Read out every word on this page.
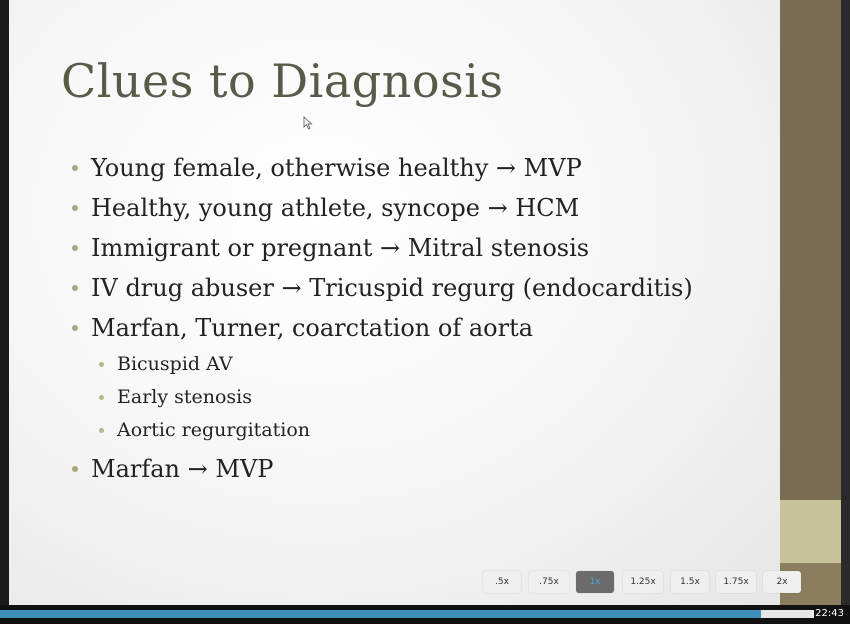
Clues to Diagnosis
Young female, otherwise healthy → MVP
Healthy, young athlete, syncope → HCM
Immigrant or pregnant → Mitral stenosis
IV drug abuser → Tricuspid regurg (endocarditis)
Marfan, Turner, coarctation of aorta
Bicuspid AV
Early stenosis
Aortic regurgitation
Marfan → MVP
.5x	.75x	1x	1.25x	1.5x	1.75x	2x
22:43
